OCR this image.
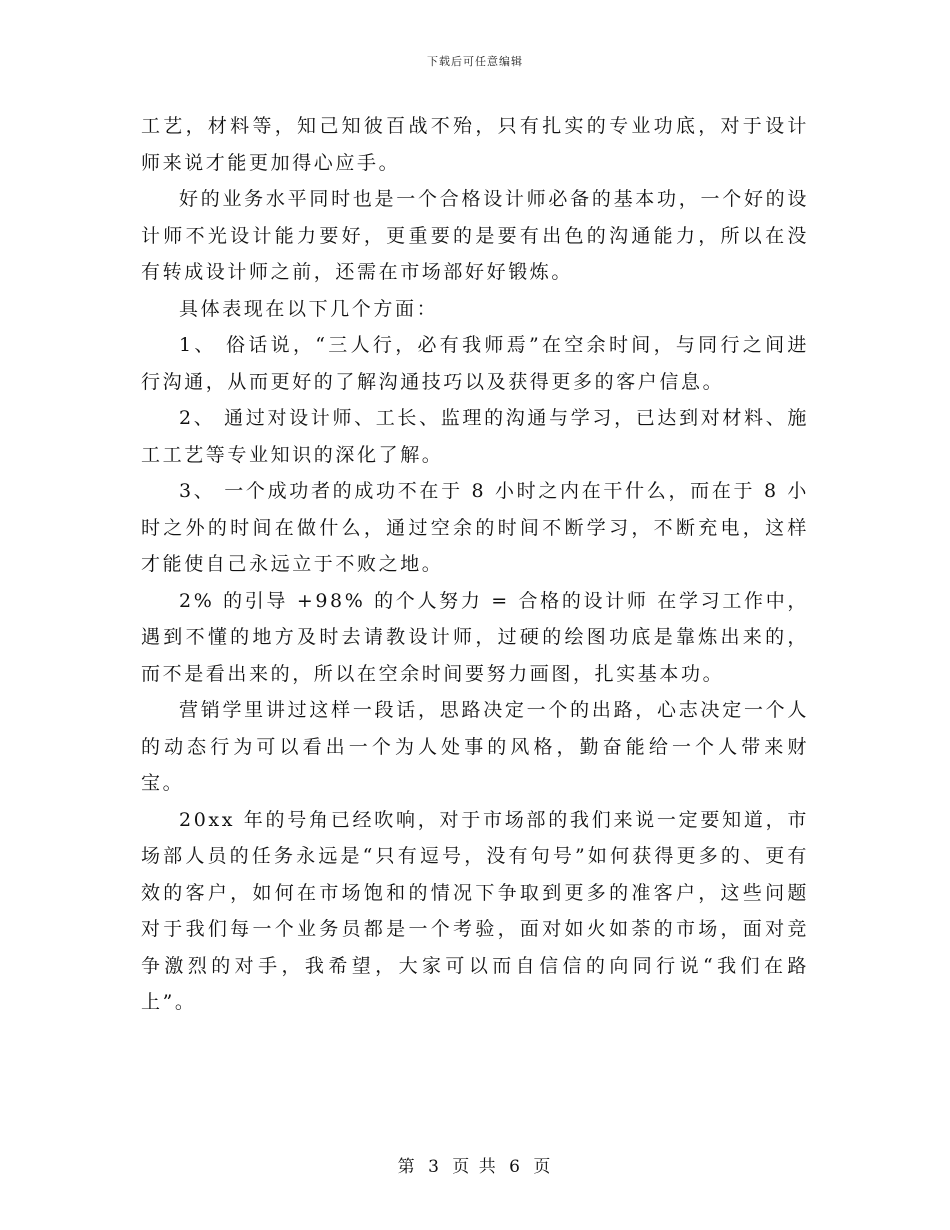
下载后可任意编辑

工艺，材料等，知己知彼百战不殆，只有扎实的专业功底，对于设计师来说才能更加得心应手。

好的业务水平同时也是一个合格设计师必备的基本功，一个好的设计师不光设计能力要好，更重要的是要有出色的沟通能力，所以在没有转成设计师之前，还需在市场部好好锻炼。

具体表现在以下几个方面：

1、 俗话说，“三人行，必有我师焉”在空余时间，与同行之间进行沟通，从而更好的了解沟通技巧以及获得更多的客户信息。

2、 通过对设计师、工长、监理的沟通与学习，已达到对材料、施工工艺等专业知识的深化了解。

3、 一个成功者的成功不在于 8 小时之内在干什么，而在于 8 小时之外的时间在做什么，通过空余的时间不断学习，不断充电，这样才能使自己永远立于不败之地。

2% 的引导 +98% 的个人努力 = 合格的设计师 在学习工作中，遇到不懂的地方及时去请教设计师，过硬的绘图功底是靠炼出来的，而不是看出来的，所以在空余时间要努力画图，扎实基本功。

营销学里讲过这样一段话，思路决定一个的出路，心志决定一个人的动态行为可以看出一个为人处事的风格，勤奋能给一个人带来财宝。

20xx 年的号角已经吹响，对于市场部的我们来说一定要知道，市场部人员的任务永远是“只有逗号，没有句号”如何获得更多的、更有效的客户，如何在市场饱和的情况下争取到更多的准客户，这些问题对于我们每一个业务员都是一个考验，面对如火如荼的市场，面对竞争激烈的对手，我希望，大家可以而自信信的向同行说“我们在路上”。

第 3 页 共 6 页
